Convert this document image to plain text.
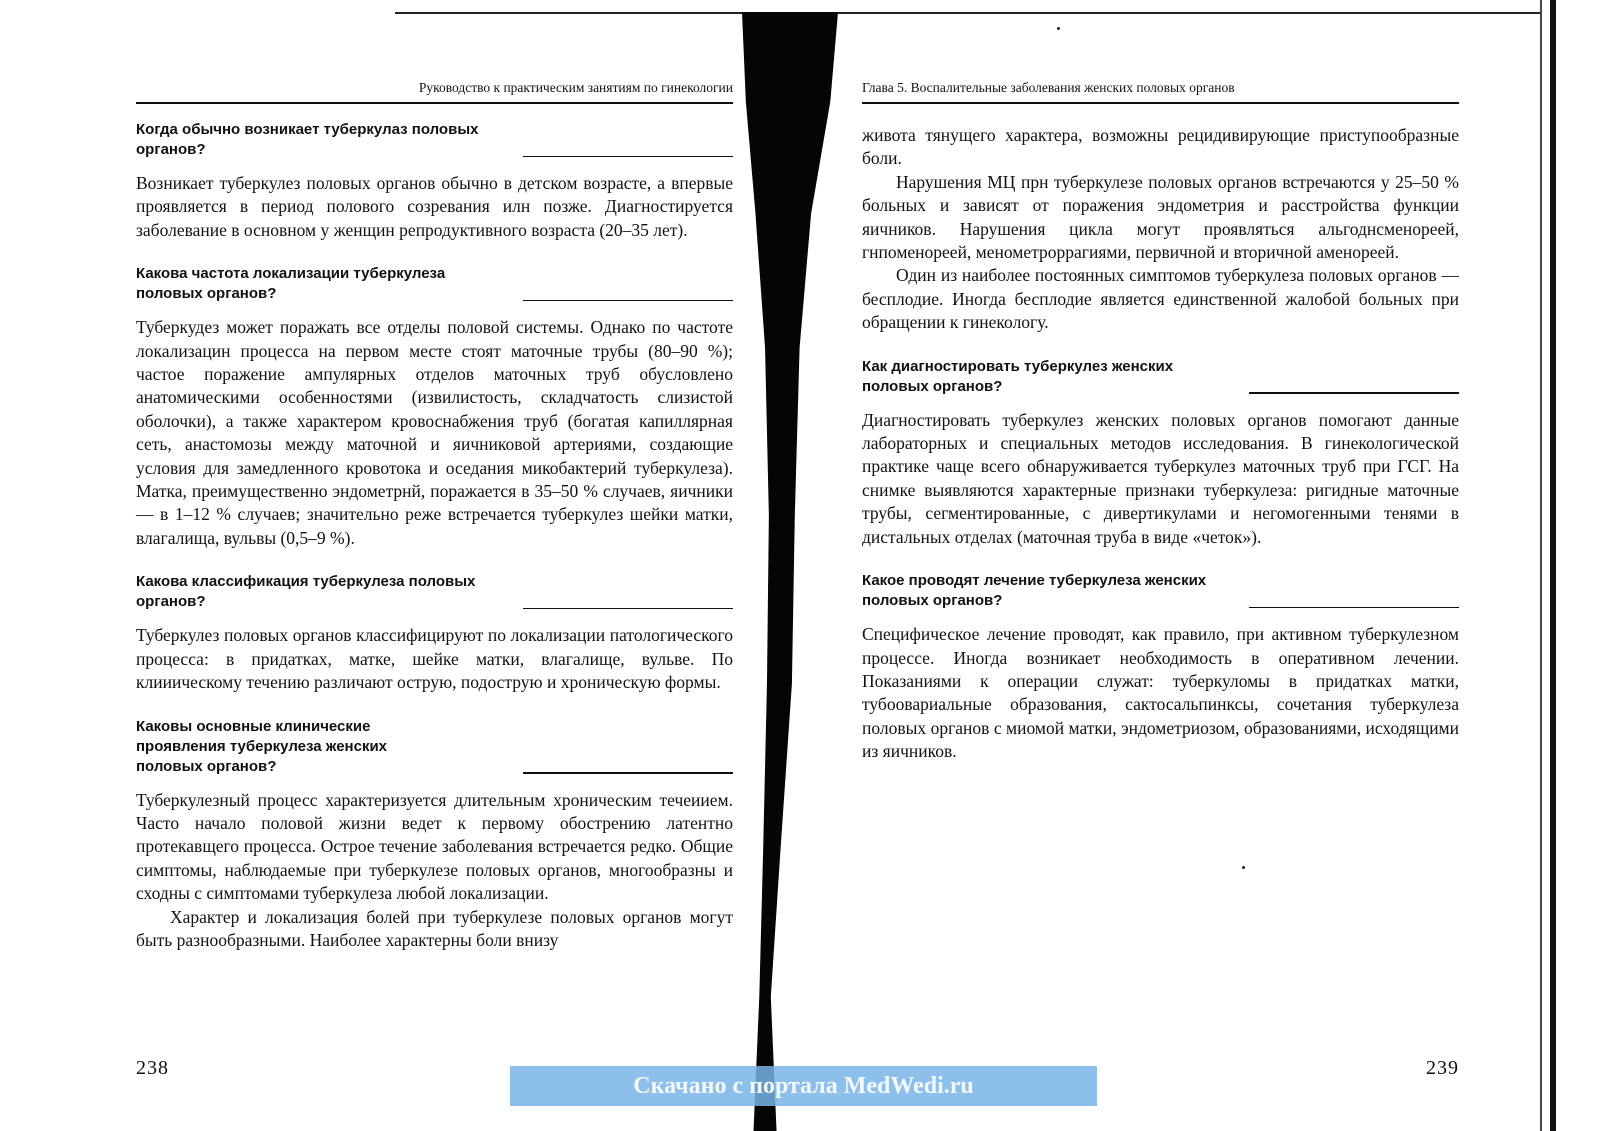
Руководство к практическим занятиям по гинекологии
Когда обычно возникает туберкулаз половых органов?

Возникает туберкулез половых органов обычно в детском возрасте, а впервые проявляется в период полового созревания илн позже. Диагностируется заболевание в основном у женщин репродуктивного возраста (20–35 лет).

Какова частота локализации туберкулеза половых органов?

Туберкудез может поражать все отделы половой системы. Однако по частоте локализацин процесса на первом месте стоят маточные трубы (80–90 %); частое поражение ампулярных отделов маточных труб обусловлено анатомическими особенностями (извилистость, складчатость слизистой оболочки), а также характером кровоснабжения труб (богатая капиллярная сеть, анастомозы между маточной и яичниковой артериями, создающие условия для замедленного кровотока и оседания микобактерий туберкулеза). Матка, преимущественно эндометрнй, поражается в 35–50 % случаев, яичники — в 1–12 % случаев; значительно реже встречается туберкулез шейки матки, влагалища, вульвы (0,5–9 %).

Какова классификация туберкулеза половых органов?

Туберкулез половых органов классифицируют по локализации патологического процесса: в придатках, матке, шейке матки, влагалище, вульве. По клииическому течению различают острую, подострую и хроническую формы.

Каковы основные клинические проявления туберкулеза женских половых органов?

Туберкулезный процесс характеризуется длительным хроническим течеиием. Часто начало половой жизни ведет к первому обострению латентно протекавщего процесса. Острое течение заболевания встречается редко. Общие симптомы, наблюдаемые при туберкулезе половых органов, многообразны и сходны с симптомами туберкулеза любой локализации.

Характер и локализация болей при туберкулезе половых органов могут быть разнообразными. Наиболее характерны боли внизу

238
Глава 5. Воспалительные заболевания женских половых органов

живота тянущего характера, возможны рецидивирующие приступообразные боли.

Нарушения МЦ прн туберкулезе половых органов встречаются у 25–50 % больных и зависят от поражения эндометрия и расстройства функции яичников. Нарушения цикла могут проявляться альгоднсменореей, гнпоменореей, менометроррагиями, первичной и вторичной аменореей.

Один из наиболее постоянных симптомов туберкулеза половых органов — бесплодие. Иногда бесплодие является единственной жалобой больных при обращении к гинекологу.

Как диагностировать туберкулез женских половых органов?

Диагностировать туберкулез женских половых органов помогают данные лабораторных и специальных методов исследования. В гинекологической практике чаще всего обнаруживается туберкулез маточных труб при ГСГ. На снимке выявляются характерные признаки туберкулеза: ригидные маточные трубы, сегментированные, с дивертикулами и негомогенными тенями в дистальных отделах (маточная труба в виде «четок»).

Какое проводят лечение туберкулеза женских половых органов?

Специфическое лечение проводят, как правило, при активном туберкулезном процессе. Иногда возникает необходимость в оперативном лечении. Показаниями к операции служат: туберкуломы в придатках матки, тубоовариальные образования, сактосальпинксы, сочетания туберкулеза половых органов с миомой матки, эндометриозом, образованиями, исходящими из яичников.

239
Скачано с портала MedWedi.ru
